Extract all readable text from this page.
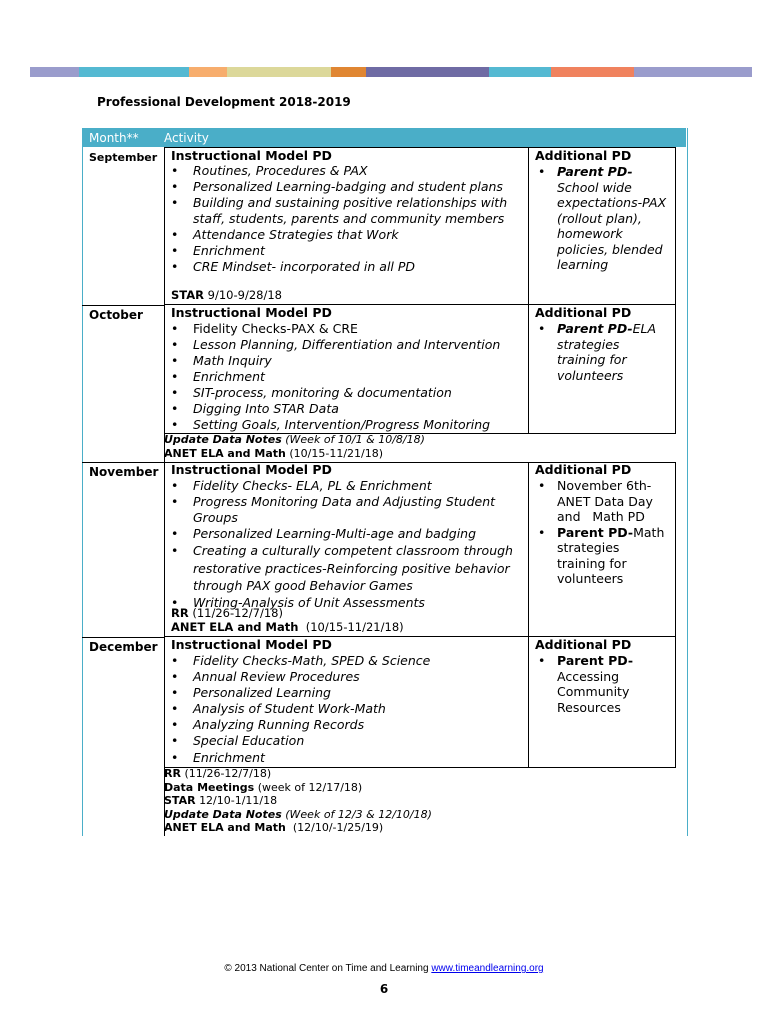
Professional Development 2018-2019
Month** Activity
September Instructional Model PD
• Routines, Procedures & PAX
• Personalized Learning-badging and student plans
• Building and sustaining positive relationships with
staff, students, parents and community members
• Attendance Strategies that Work
• Enrichment
• CRE Mindset- incorporated in all PD
STAR 9/10-9/28/18
Additional PD
• Parent PD-
School wide
expectations-PAX
(rollout plan),
homework
policies, blended
learning
October Instructional Model PD
• Fidelity Checks-PAX & CRE
• Lesson Planning, Differentiation and Intervention
• Math Inquiry
• Enrichment
• SIT-process, monitoring & documentation
• Digging Into STAR Data
• Setting Goals, Intervention/Progress Monitoring
Additional PD
• Parent PD-ELA
strategies
training for
volunteers
Update Data Notes (Week of 10/1 & 10/8/18)
ANET ELA and Math (10/15-11/21/18)
November Instructional Model PD
• Fidelity Checks- ELA, PL & Enrichment
• Progress Monitoring Data and Adjusting Student
Groups
• Personalized Learning-Multi-age and badging
• Creating a culturally competent classroom through
restorative practices-Reinforcing positive behavior
through PAX good Behavior Games
• Writing-Analysis of Unit Assessments
RR (11/26-12/7/18)
ANET ELA and Math (10/15-11/21/18)
Additional PD
• November 6th-
ANET Data Day
and   Math PD
• Parent PD-Math
strategies
training for
volunteers
December Instructional Model PD
• Fidelity Checks-Math, SPED & Science
• Annual Review Procedures
• Personalized Learning
• Analysis of Student Work-Math
• Analyzing Running Records
• Special Education
• Enrichment
Additional PD
• Parent PD-
Accessing
Community
Resources
RR (11/26-12/7/18)
Data Meetings (week of 12/17/18)
STAR 12/10-1/11/18
Update Data Notes (Week of 12/3 & 12/10/18)
ANET ELA and Math (12/10/-1/25/19)
© 2013 National Center on Time and Learning www.timeandlearning.org
6
